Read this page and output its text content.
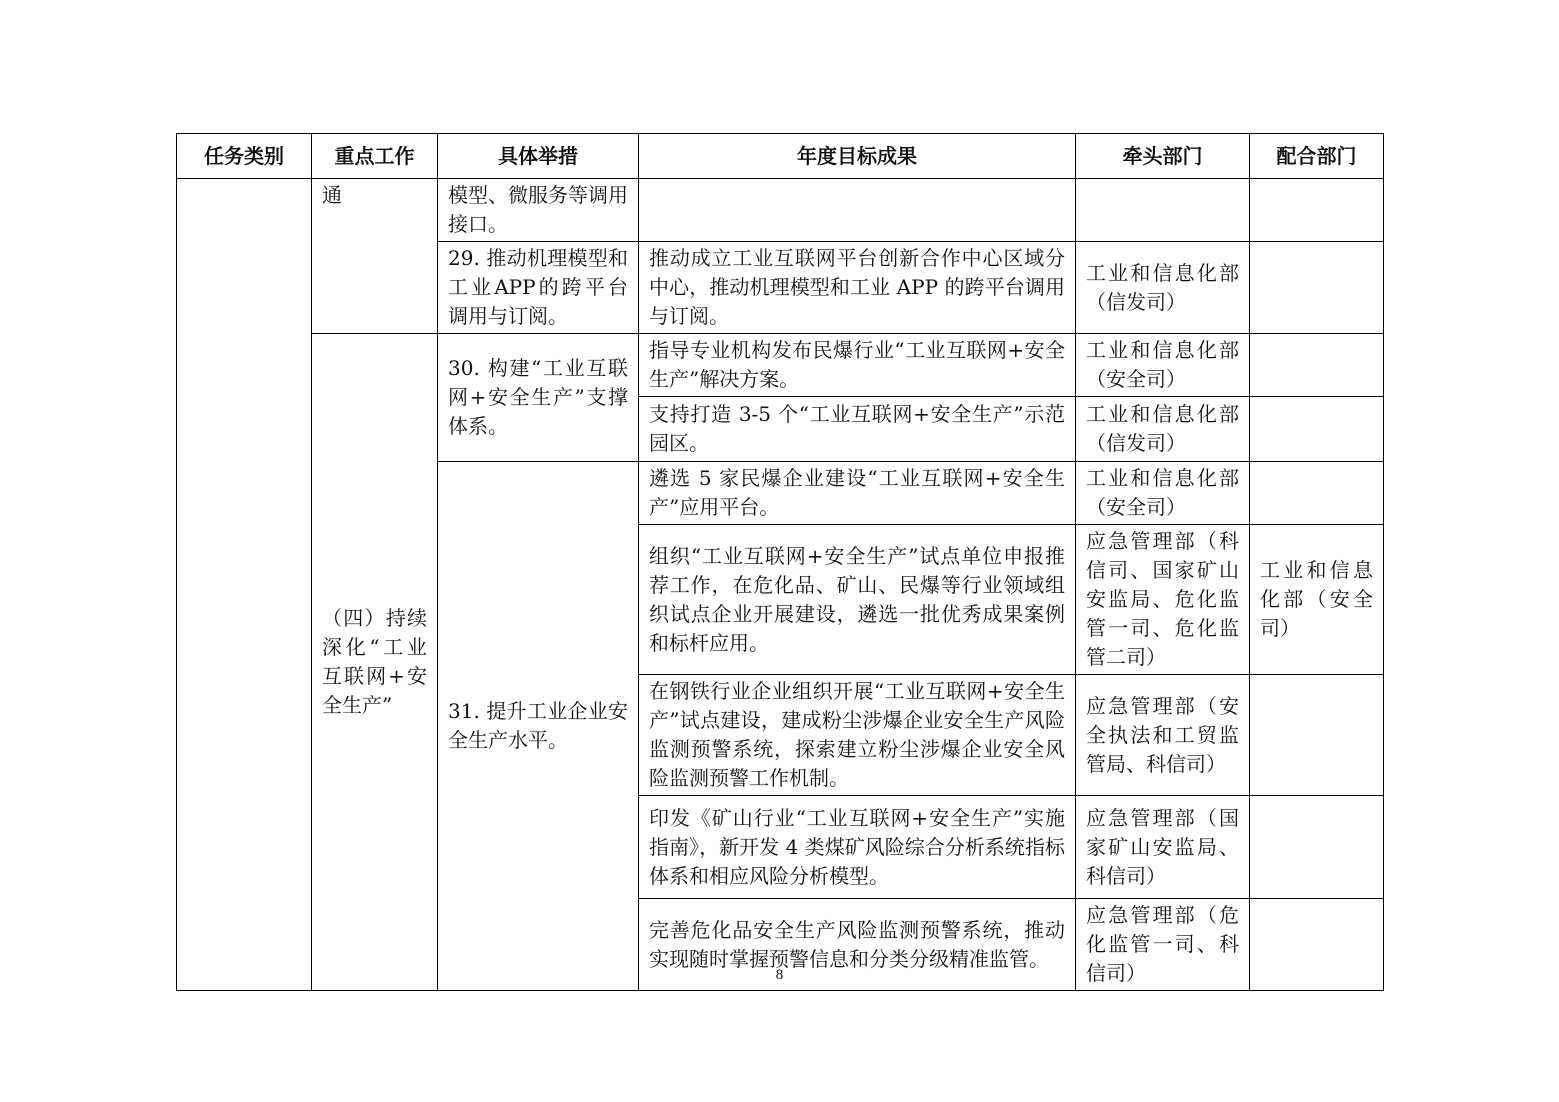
任务类别	重点工作	具体举措	年度目标成果	牵头部门	配合部门
	通	模型、微服务等调用接口。			
		29. 推动机理模型和工业APP的跨平台调用与订阅。	推动成立工业互联网平台创新合作中心区域分中心，推动机理模型和工业 APP 的跨平台调用与订阅。	工业和信息化部（信发司）	
	（四）持续深化“工业互联网+安全生产”	30. 构建“工业互联网+安全生产”支撑体系。	指导专业机构发布民爆行业“工业互联网+安全生产”解决方案。	工业和信息化部（安全司）	
			支持打造 3-5 个“工业互联网+安全生产”示范园区。	工业和信息化部（信发司）	
		31. 提升工业企业安全生产水平。	遴选 5 家民爆企业建设“工业互联网+安全生产”应用平台。	工业和信息化部（安全司）	
			组织“工业互联网+安全生产”试点单位申报推荐工作，在危化品、矿山、民爆等行业领域组织试点企业开展建设，遴选一批优秀成果案例和标杆应用。	应急管理部（科信司、国家矿山安监局、危化监管一司、危化监管二司）	工业和信息化部（安全司）
			在钢铁行业企业组织开展“工业互联网+安全生产”试点建设，建成粉尘涉爆企业安全生产风险监测预警系统，探索建立粉尘涉爆企业安全风险监测预警工作机制。	应急管理部（安全执法和工贸监管局、科信司）	
			印发《矿山行业“工业互联网+安全生产”实施指南》，新开发 4 类煤矿风险综合分析系统指标体系和相应风险分析模型。	应急管理部（国家矿山安监局、科信司）	
			完善危化品安全生产风险监测预警系统，推动实现随时掌握预警信息和分类分级精准监管。	应急管理部（危化监管一司、科信司）	
8
